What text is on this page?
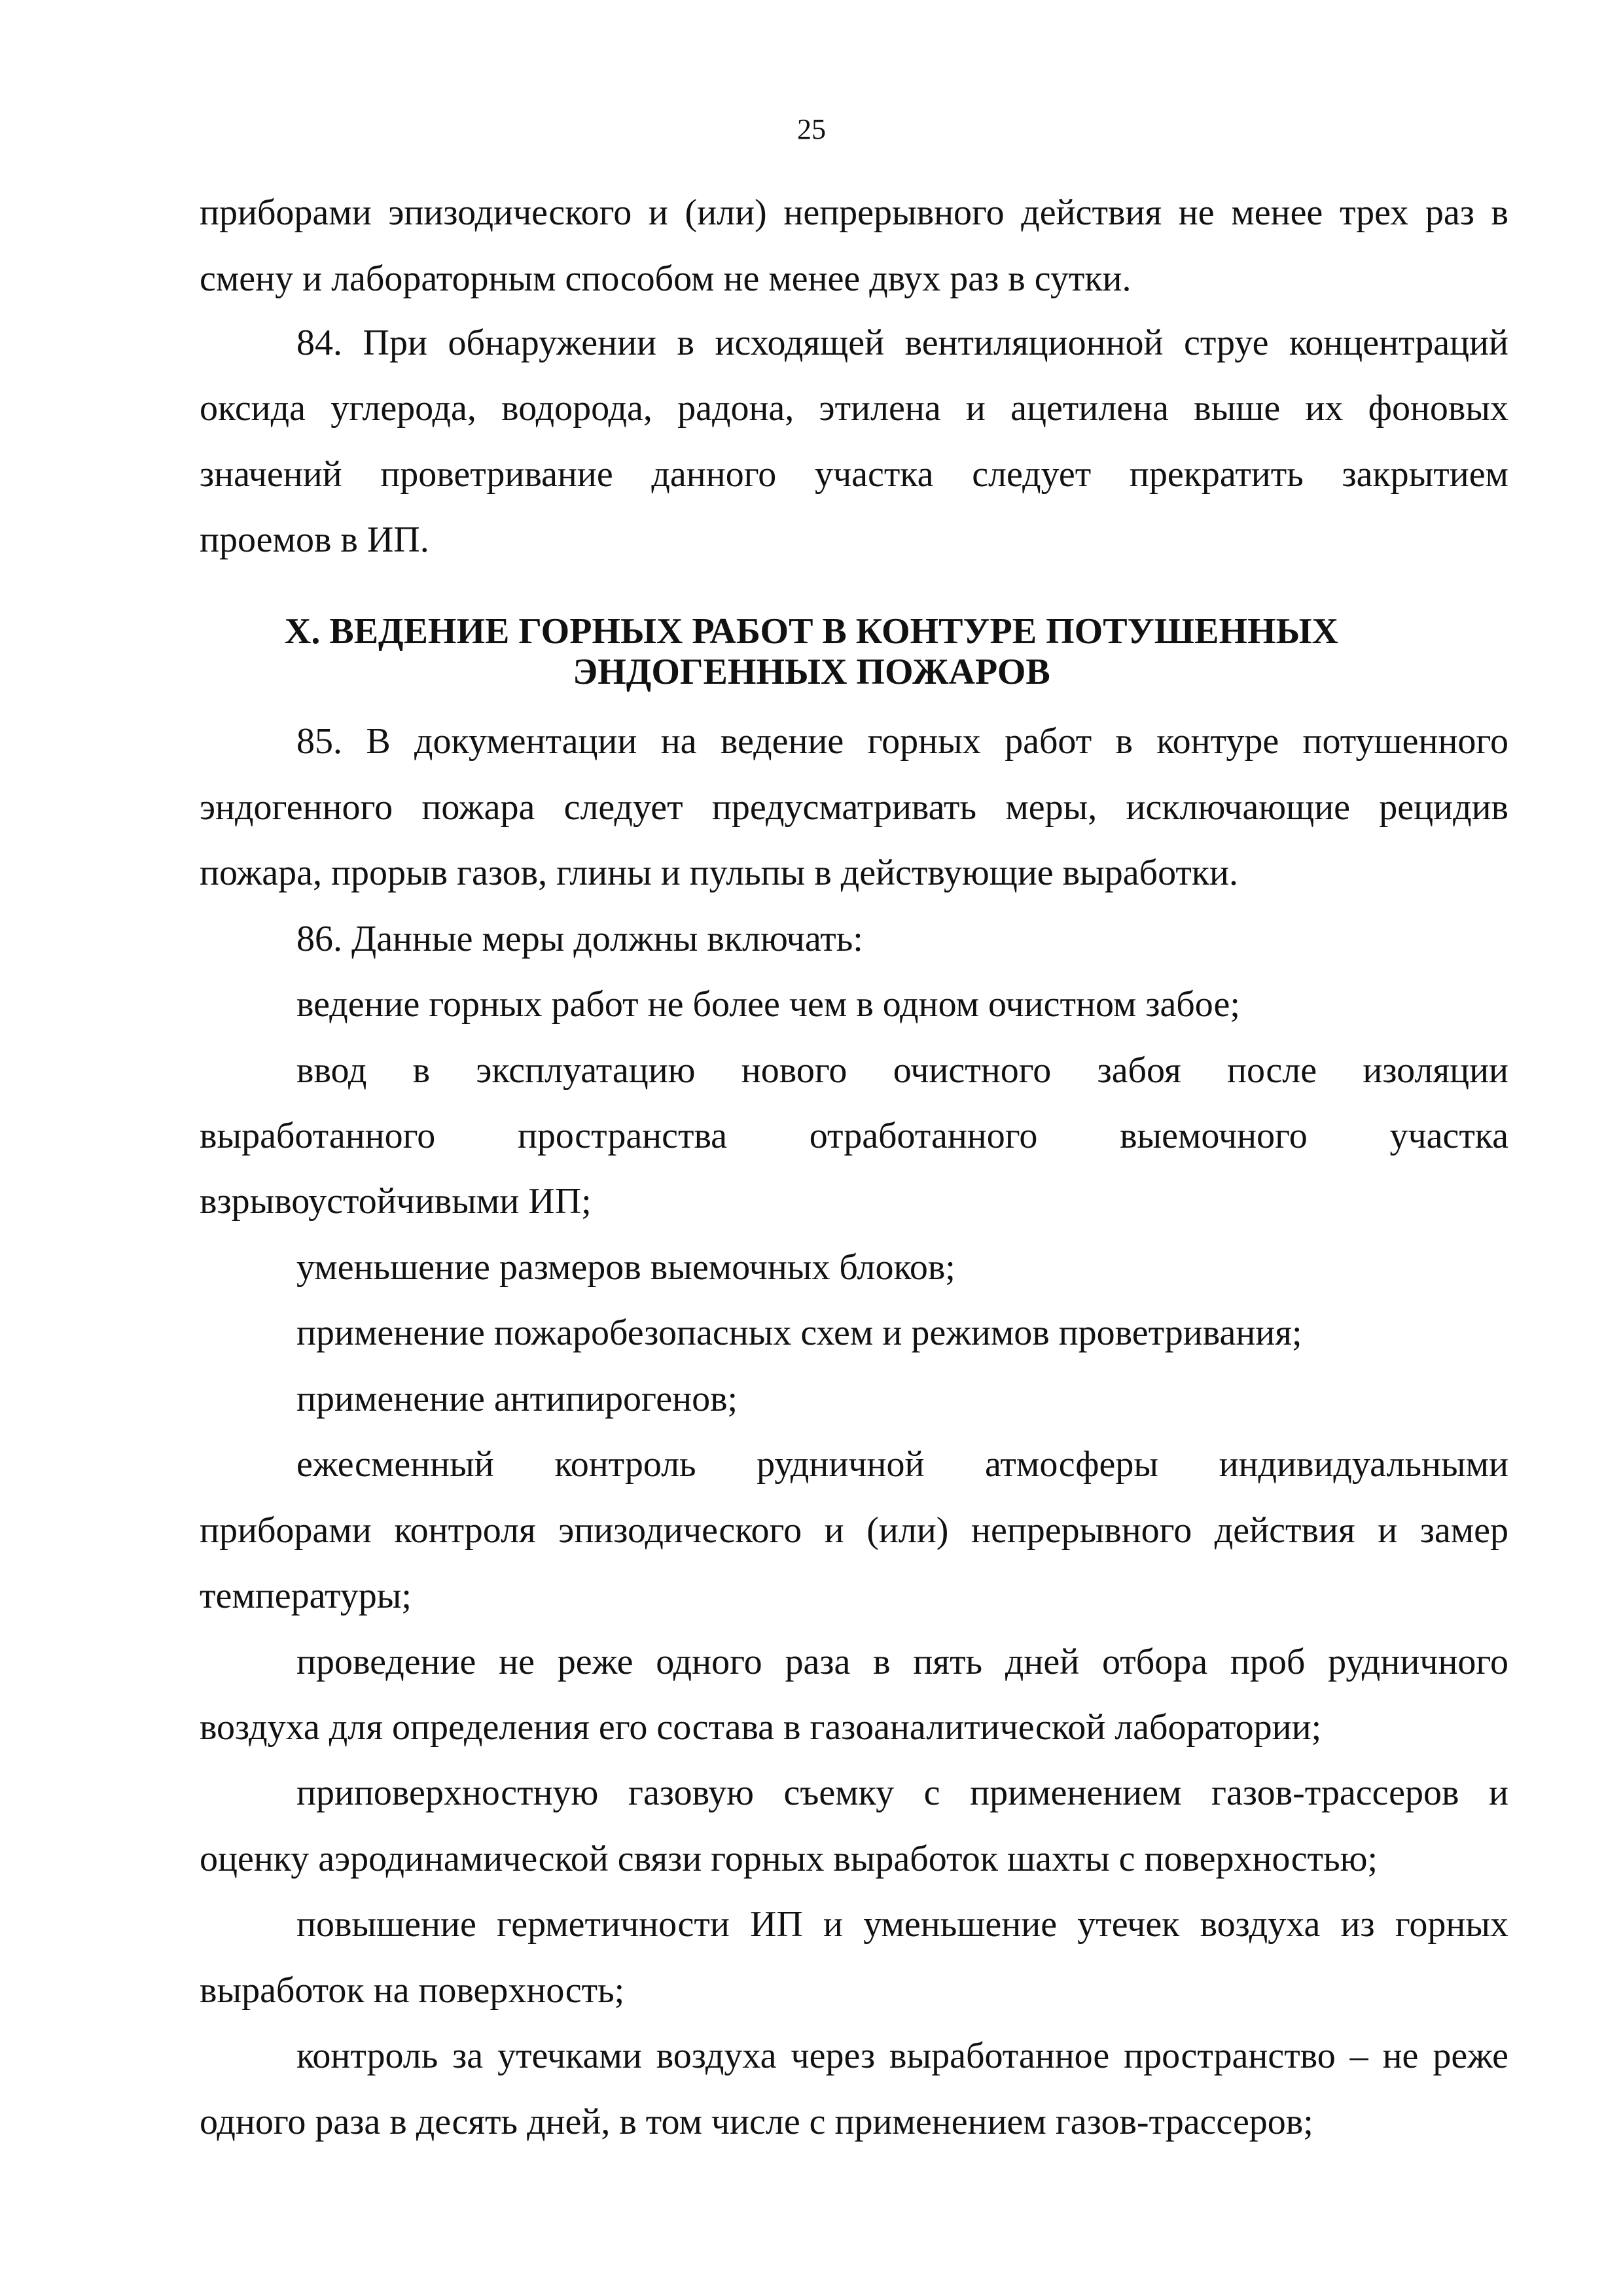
25
приборами эпизодического и (или) непрерывного действия не менее трех раз в
смену и лабораторным способом не менее двух раз в сутки.
84. При обнаружении в исходящей вентиляционной струе концентраций
оксида углерода, водорода, радона, этилена и ацетилена выше их фоновых
значений проветривание данного участка следует прекратить закрытием
проемов в ИП.
X. ВЕДЕНИЕ ГОРНЫХ РАБОТ В КОНТУРЕ ПОТУШЕННЫХ
ЭНДОГЕННЫХ ПОЖАРОВ
85. В документации на ведение горных работ в контуре потушенного
эндогенного пожара следует предусматривать меры, исключающие рецидив
пожара, прорыв газов, глины и пульпы в действующие выработки.
86. Данные меры должны включать:
ведение горных работ не более чем в одном очистном забое;
ввод в эксплуатацию нового очистного забоя после изоляции
выработанного пространства отработанного выемочного участка
взрывоустойчивыми ИП;
уменьшение размеров выемочных блоков;
применение пожаробезопасных схем и режимов проветривания;
применение антипирогенов;
ежесменный контроль рудничной атмосферы индивидуальными
приборами контроля эпизодического и (или) непрерывного действия и замер
температуры;
проведение не реже одного раза в пять дней отбора проб рудничного
воздуха для определения его состава в газоаналитической лаборатории;
приповерхностную газовую съемку с применением газов-трассеров и
оценку аэродинамической связи горных выработок шахты с поверхностью;
повышение герметичности ИП и уменьшение утечек воздуха из горных
выработок на поверхность;
контроль за утечками воздуха через выработанное пространство – не реже
одного раза в десять дней, в том числе с применением газов-трассеров;
